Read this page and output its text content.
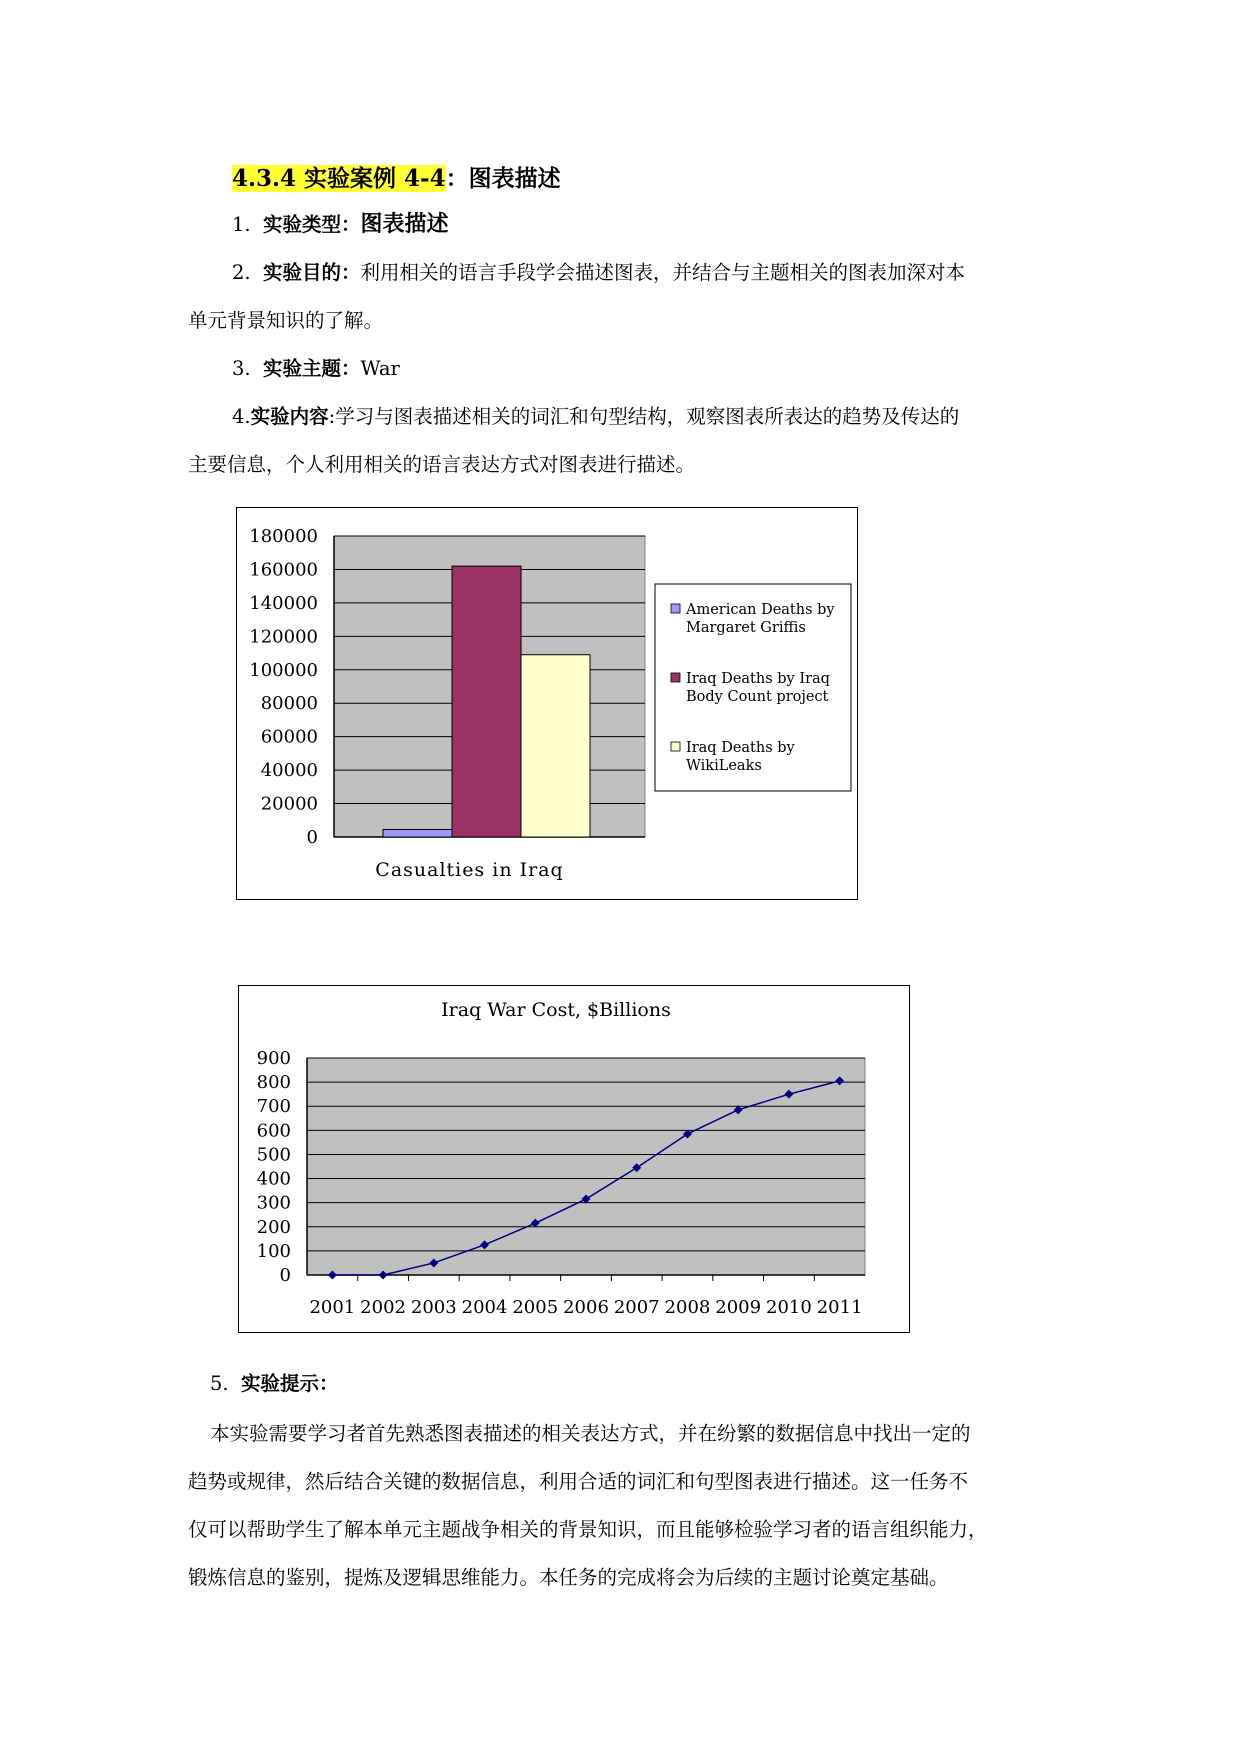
4.3.4 实验案例 4-4：图表描述
1. 实验类型：图表描述
2. 实验目的：利用相关的语言手段学会描述图表，并结合与主题相关的图表加深对本
单元背景知识的了解。
3. 实验主题：War
4.实验内容:学习与图表描述相关的词汇和句型结构，观察图表所表达的趋势及传达的
主要信息，个人利用相关的语言表达方式对图表进行描述。
180000
160000
140000
120000
100000
80000
60000
40000
20000
0
Casualties in Iraq
American Deaths by
Margaret Griffis
Iraq Deaths by Iraq
Body Count project
Iraq Deaths by
WikiLeaks
Iraq War Cost, $Billions
900
800
700
600
500
400
300
200
100
0
2001 2002 2003 2004 2005 2006 2007 2008 2009 2010 2011
5. 实验提示：
本实验需要学习者首先熟悉图表描述的相关表达方式，并在纷繁的数据信息中找出一定的
趋势或规律，然后结合关键的数据信息，利用合适的词汇和句型图表进行描述。这一任务不
仅可以帮助学生了解本单元主题战争相关的背景知识，而且能够检验学习者的语言组织能力，
锻炼信息的鉴别，提炼及逻辑思维能力。本任务的完成将会为后续的主题讨论奠定基础。
